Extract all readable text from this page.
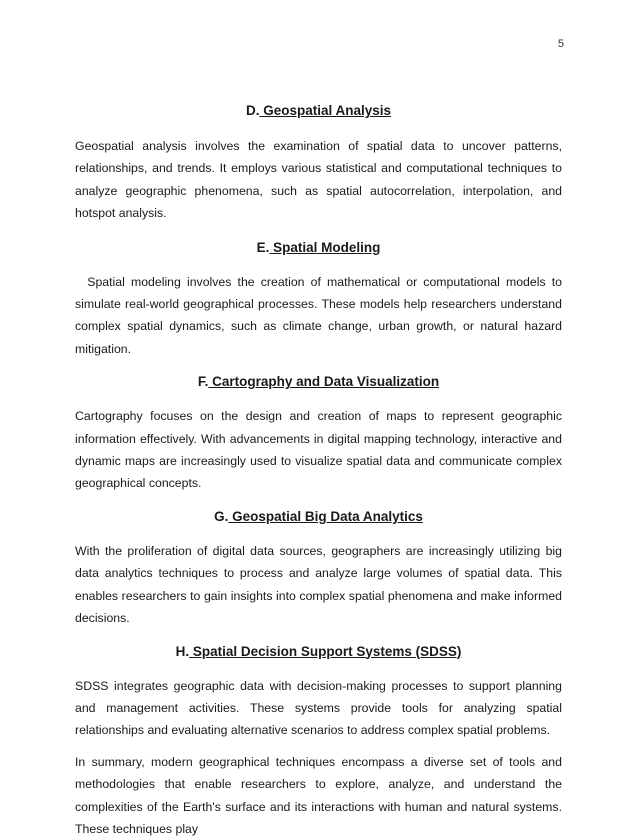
5
D. Geospatial Analysis

Geospatial analysis involves the examination of spatial data to uncover patterns, relationships, and trends. It employs various statistical and computational techniques to analyze geographic phenomena, such as spatial autocorrelation, interpolation, and hotspot analysis.

E. Spatial Modeling

Spatial modeling involves the creation of mathematical or computational models to simulate real-world geographical processes. These models help researchers understand complex spatial dynamics, such as climate change, urban growth, or natural hazard mitigation.

F. Cartography and Data Visualization

Cartography focuses on the design and creation of maps to represent geographic information effectively. With advancements in digital mapping technology, interactive and dynamic maps are increasingly used to visualize spatial data and communicate complex geographical concepts.

G. Geospatial Big Data Analytics

With the proliferation of digital data sources, geographers are increasingly utilizing big data analytics techniques to process and analyze large volumes of spatial data. This enables researchers to gain insights into complex spatial phenomena and make informed decisions.

H. Spatial Decision Support Systems (SDSS)

SDSS integrates geographic data with decision-making processes to support planning and management activities. These systems provide tools for analyzing spatial relationships and evaluating alternative scenarios to address complex spatial problems.

In summary, modern geographical techniques encompass a diverse set of tools and methodologies that enable researchers to explore, analyze, and understand the complexities of the Earth's surface and its interactions with human and natural systems. These techniques play
